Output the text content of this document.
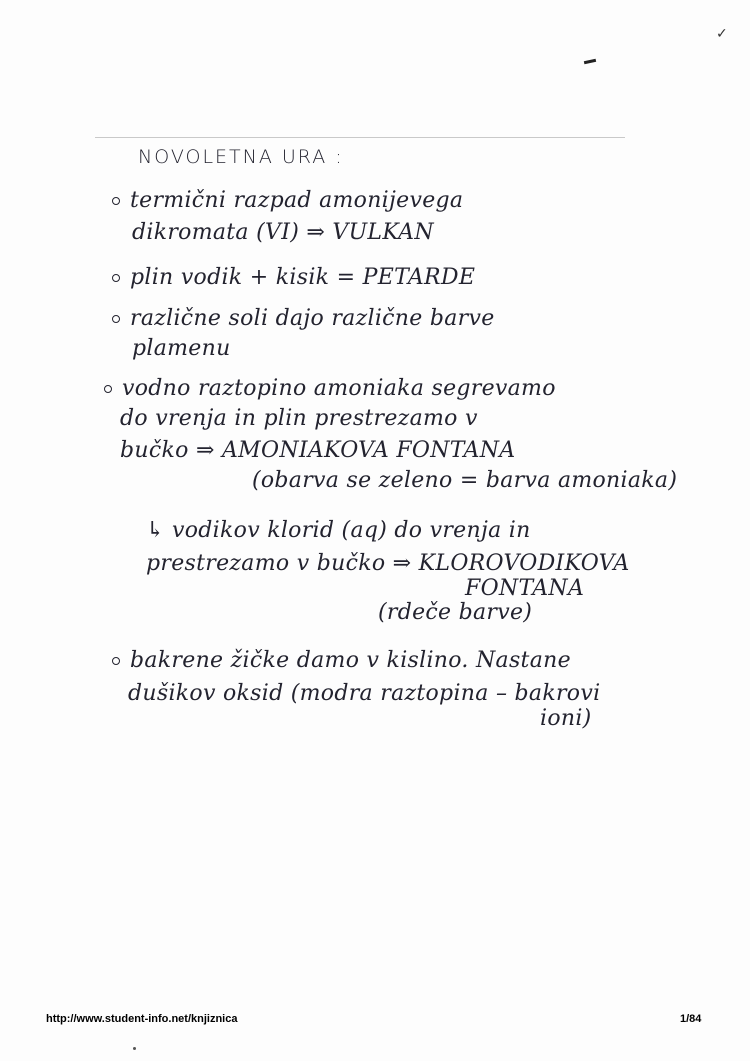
✓
NOVOLETNA URA :
termični razpad amonijevega
dikromata (VI) ⇒ VULKAN
plin vodik + kisik = PETARDE
različne soli dajo različne barve
plamenu
vodno raztopino amoniaka segrevamo
do vrenja in plin prestrezamo v
bučko ⇒ AMONIAKOVA FONTANA
(obarva se zeleno = barva amoniaka)
↳ vodikov klorid (aq) do vrenja in
prestrezamo v bučko ⇒ KLOROVODIKOVA
FONTANA
(rdeče barve)
bakrene žičke damo v kislino. Nastane
dušikov oksid (modra raztopina – bakrovi
ioni)
http://www.student-info.net/knjiznica	1/84
